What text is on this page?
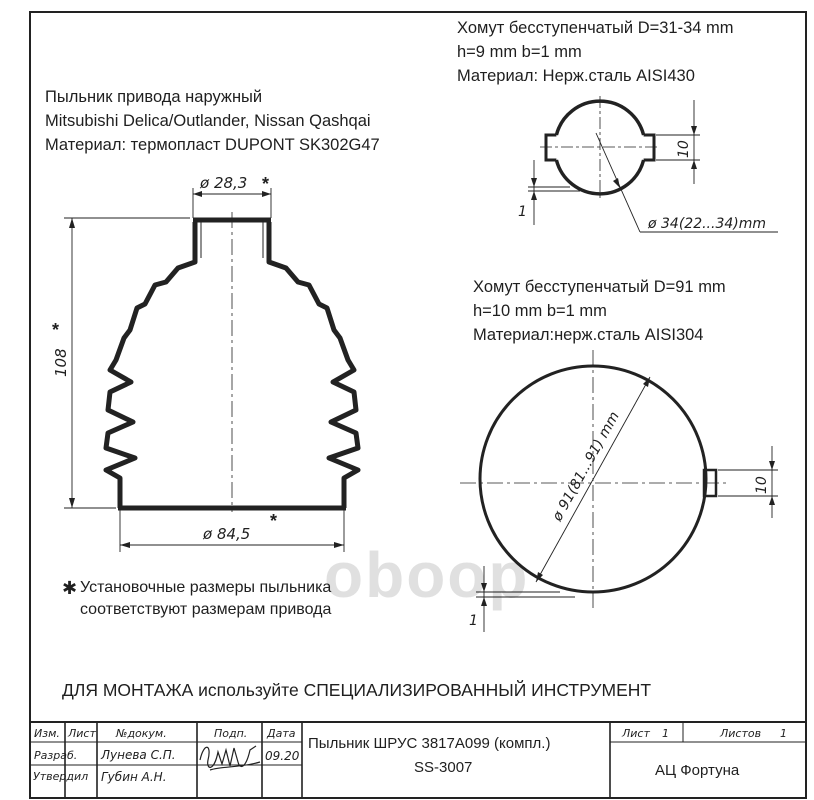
Пыльник привода наружный
Mitsubishi Delica/Outlander, Nissan Qashqai
Материал: термопласт DUPONT SK302G47
ø 28,3 *
108
*
ø 84,5
*
Хомут бесступенчатый D=31-34 mm
h=9 mm b=1 mm
Материал: Нерж.сталь AISI430
10
1
ø 34(22...34)mm
Хомут бесступенчатый D=91 mm
h=10 mm b=1 mm
Материал:нерж.сталь AISI304
ø 91(81...91) mm	10
1
oboop
✱ Установочные размеры пыльника
соответствуют размерам привода
ДЛЯ МОНТАЖА используйте СПЕЦИАЛИЗИРОВАННЫЙ ИНСТРУМЕНТ
Изм. Лист №докум.	Подп. Дата
Разраб. Лунева С.П.	09.20
Утвердил Губин А.Н.
Пыльник ШРУС 3817А099 (компл.)
SS-3007
Лист 1	Листов 1
АЦ Фортуна
